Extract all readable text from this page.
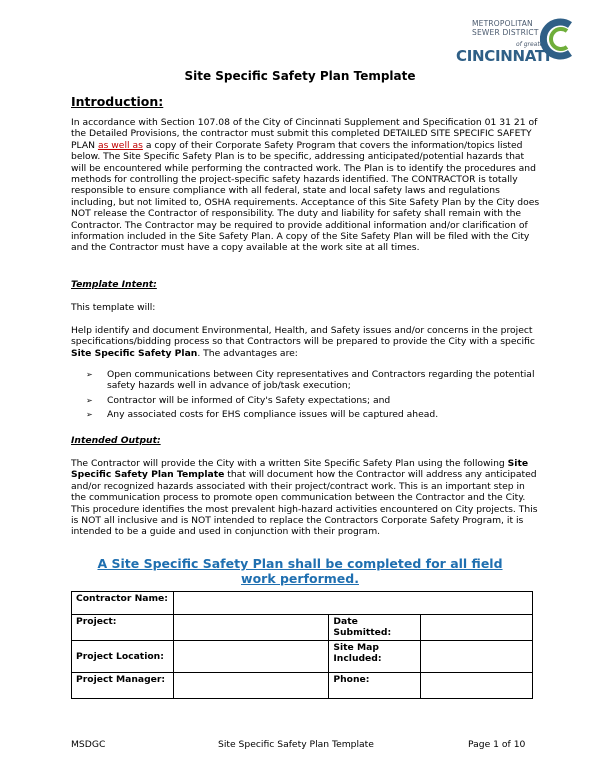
METROPOLITAN
SEWER DISTRICT
of greater
CINCINNATI
Site Specific Safety Plan Template
Introduction:

In accordance with Section 107.08 of the City of Cincinnati Supplement and Specification 01 31 21 of the Detailed Provisions, the contractor must submit this completed DETAILED SITE SPECIFIC SAFETY PLAN as well as a copy of their Corporate Safety Program that covers the information/topics listed below. The Site Specific Safety Plan is to be specific, addressing anticipated/potential hazards that will be encountered while performing the contracted work. The Plan is to identify the procedures and methods for controlling the project-specific safety hazards identified. The CONTRACTOR is totally responsible to ensure compliance with all federal, state and local safety laws and regulations including, but not limited to, OSHA requirements. Acceptance of this Site Safety Plan by the City does NOT release the Contractor of responsibility. The duty and liability for safety shall remain with the Contractor. The Contractor may be required to provide additional information and/or clarification of information included in the Site Safety Plan. A copy of the Site Safety Plan will be filed with the City and the Contractor must have a copy available at the work site at all times.

Template Intent:

This template will:

Help identify and document Environmental, Health, and Safety issues and/or concerns in the project specifications/bidding process so that Contractors will be prepared to provide the City with a specific Site Specific Safety Plan. The advantages are:

➢ Open communications between City representatives and Contractors regarding the potential safety hazards well in advance of job/task execution;
➢ Contractor will be informed of City's Safety expectations; and
➢ Any associated costs for EHS compliance issues will be captured ahead.
Intended Output:

The Contractor will provide the City with a written Site Specific Safety Plan using the following Site Specific Safety Plan Template that will document how the Contractor will address any anticipated and/or recognized hazards associated with their project/contract work. This is an important step in the communication process to promote open communication between the Contractor and the City. This procedure identifies the most prevalent high-hazard activities encountered on City projects. This is NOT all inclusive and is NOT intended to replace the Contractors Corporate Safety Program, it is intended to be a guide and used in conjunction with their program.

A Site Specific Safety Plan shall be completed for all field work performed.
Contractor Name:			
Project:		Date Submitted:	
Project Location:		Site Map Included:	
Project Manager:		Phone:	
MSDGC	Site Specific Safety Plan Template	Page 1 of 10
